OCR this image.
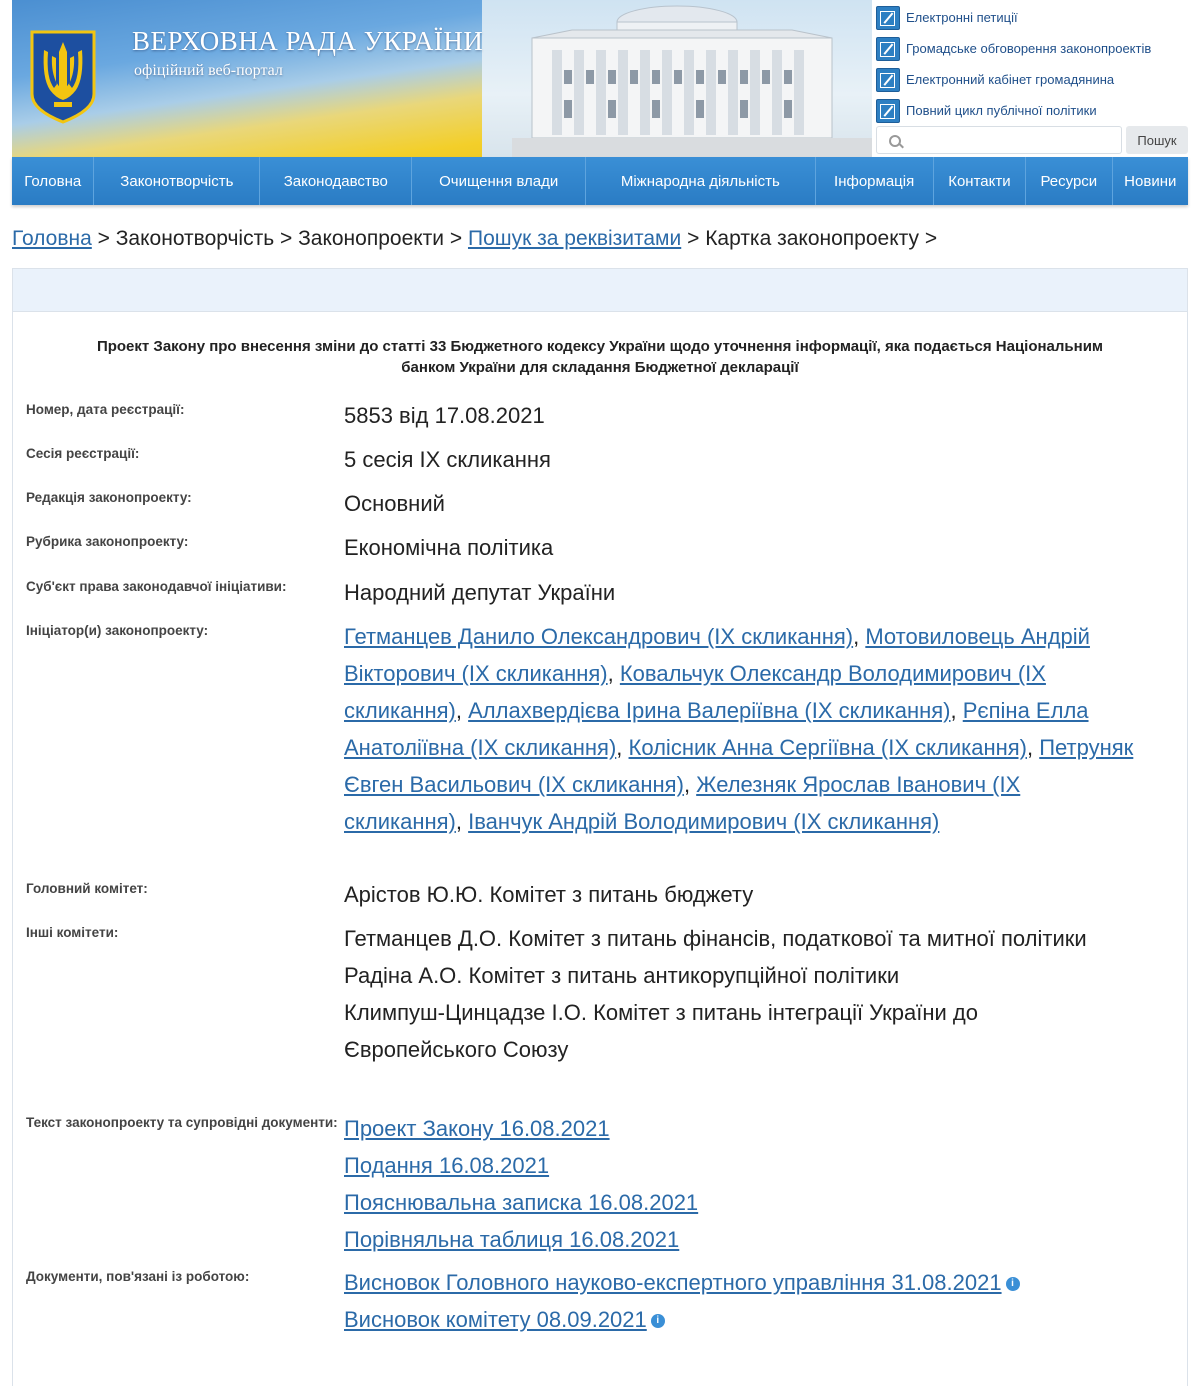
ВЕРХОВНА РАДА УКРАЇНИ
офіційний веб-портал
Електронні петиції
Громадське обговорення законопроектів
Електронний кабінет громадянина
Повний цикл публічної політики
Пошук
Головна	Законотворчість	Законодавство	Очищення влади	Міжнародна діяльність	Інформація	Контакти	Ресурси	Новини
Головна > Законотворчість > Законопроекти > Пошук за реквізитами > Картка законопроекту >
Проект Закону про внесення зміни до статті 33 Бюджетного кодексу України щодо уточнення інформації, яка подається Національним банком України для складання Бюджетної декларації
Номер, дата реєстрації:	5853 від 17.08.2021
Сесія реєстрації:	5 сесія IX скликання
Редакція законопроекту:	Основний
Рубрика законопроекту:	Економічна політика
Суб'єкт права законодавчої ініціативи:	Народний депутат України
Ініціатор(и) законопроекту:	Гетманцев Данило Олександрович (IX скликання), Мотовиловець Андрій Вікторович (IX скликання), Ковальчук Олександр Володимирович (IX скликання), Аллахвердієва Ірина Валеріївна (IX скликання), Рєпіна Елла Анатоліївна (IX скликання), Колісник Анна Сергіївна (IX скликання), Петруняк Євген Васильович (IX скликання), Железняк Ярослав Іванович (IX скликання), Іванчук Андрій Володимирович (IX скликання)
Головний комітет:	Арістов Ю.Ю. Комітет з питань бюджету
Інші комітети:	Гетманцев Д.О. Комітет з питань фінансів, податкової та митної політики
Радіна А.О. Комітет з питань антикорупційної політики
Климпуш-Цинцадзе І.О. Комітет з питань інтеграції України до Європейського Союзу
Текст законопроекту та супровідні документи: Проект Закону 16.08.2021
Подання 16.08.2021
Пояснювальна записка 16.08.2021
Порівняльна таблиця 16.08.2021
Документи, пов'язані із роботою:	Висновок Головного науково-експертного управління 31.08.2021 i
Висновок комітету 08.09.2021 i
